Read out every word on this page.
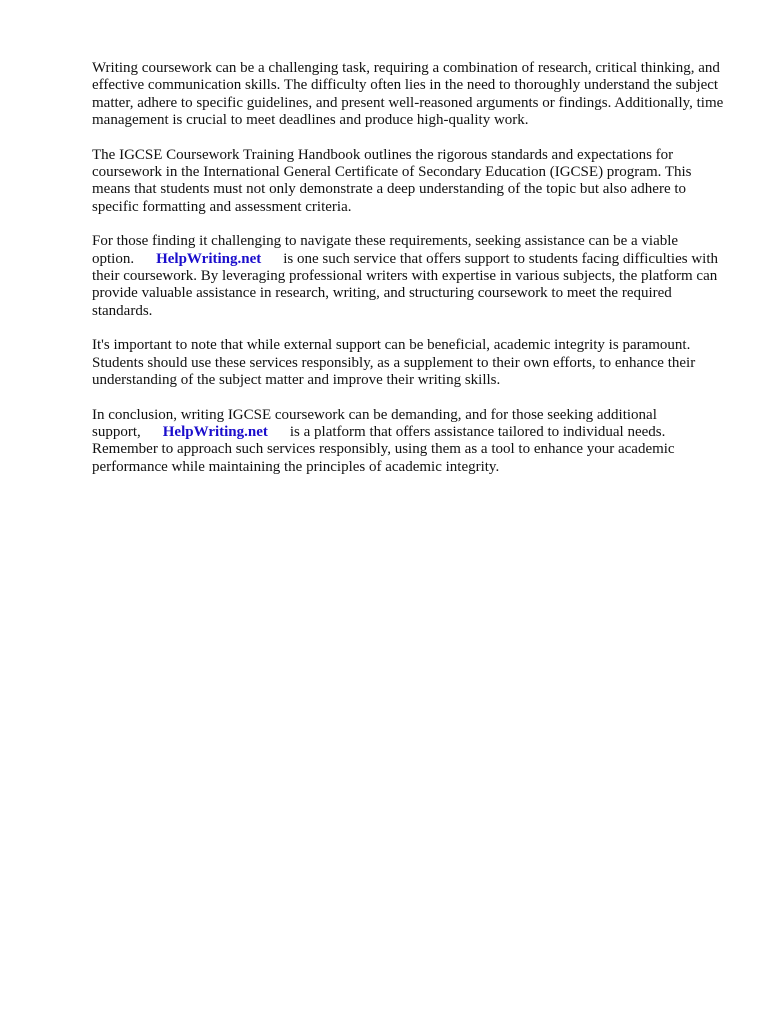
Writing coursework can be a challenging task, requiring a combination of research, critical thinking, and effective communication skills. The difficulty often lies in the need to thoroughly understand the subject matter, adhere to specific guidelines, and present well-reasoned arguments or findings. Additionally, time management is crucial to meet deadlines and produce high-quality work.

The IGCSE Coursework Training Handbook outlines the rigorous standards and expectations for coursework in the International General Certificate of Secondary Education (IGCSE) program. This means that students must not only demonstrate a deep understanding of the topic but also adhere to specific formatting and assessment criteria.

For those finding it challenging to navigate these requirements, seeking assistance can be a viable option. HelpWriting.net is one such service that offers support to students facing difficulties with their coursework. By leveraging professional writers with expertise in various subjects, the platform can provide valuable assistance in research, writing, and structuring coursework to meet the required standards.

It's important to note that while external support can be beneficial, academic integrity is paramount. Students should use these services responsibly, as a supplement to their own efforts, to enhance their understanding of the subject matter and improve their writing skills.

In conclusion, writing IGCSE coursework can be demanding, and for those seeking additional support, HelpWriting.net is a platform that offers assistance tailored to individual needs. Remember to approach such services responsibly, using them as a tool to enhance your academic performance while maintaining the principles of academic integrity.
